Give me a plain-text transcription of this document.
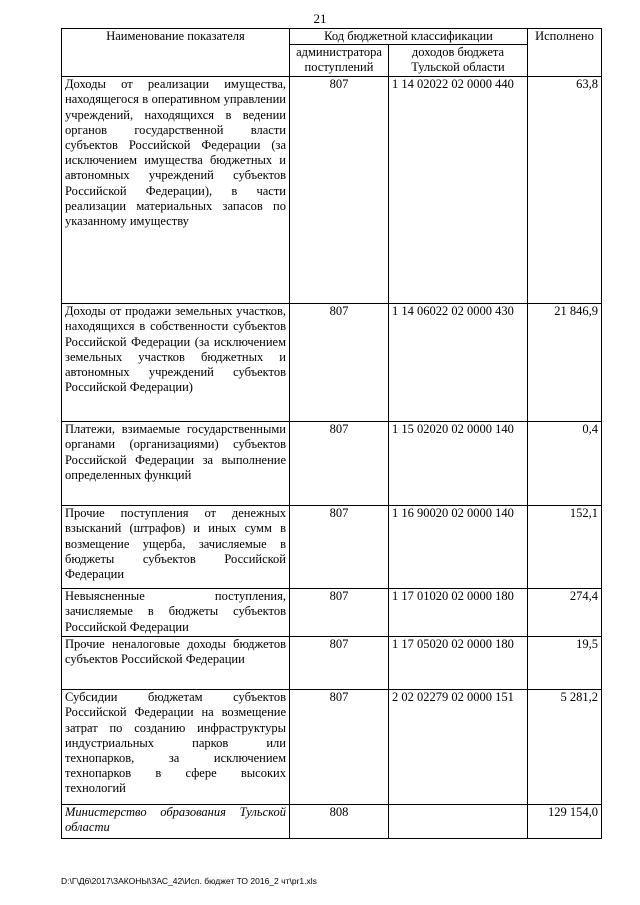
21
Наименование показателя	Код бюджетной классификации		Исполнено
	администратора поступлений	доходов бюджета Тульской области	
Доходы от реализации имущества, находящегося в оперативном управлении учреждений, находящихся в ведении органов государственной власти субъектов Российской Федерации (за исключением имущества бюджетных и автономных учреждений субъектов Российской Федерации), в части реализации материальных запасов по указанному имуществу	807	1 14 02022 02 0000 440	63,8
Доходы от продажи земельных участков, находящихся в собственности субъектов Российской Федерации (за исключением земельных участков бюджетных и автономных учреждений субъектов Российской Федерации)	807	1 14 06022 02 0000 430	21 846,9
Платежи, взимаемые государственными органами (организациями) субъектов Российской Федерации за выполнение определенных функций	807	1 15 02020 02 0000 140	0,4
Прочие поступления от денежных взысканий (штрафов) и иных сумм в возмещение ущерба, зачисляемые в бюджеты субъектов Российской Федерации	807	1 16 90020 02 0000 140	152,1
Невыясненные поступления, зачисляемые в бюджеты субъектов Российской Федерации	807	1 17 01020 02 0000 180	274,4
Прочие неналоговые доходы бюджетов субъектов Российской Федерации	807	1 17 05020 02 0000 180	19,5
Субсидии бюджетам субъектов Российской Федерации на возмещение затрат по созданию инфраструктуры индустриальных парков или технопарков, за исключением технопарков в сфере высоких технологий	807	2 02 02279 02 0000 151	5 281,2
Министерство образования Тульской области	808		129 154,0
D:\Г\Д6\2017\ЗАКОНЫ\ЗАС_42\Исп. бюджет ТО 2016_2 чт\pr1.xls
